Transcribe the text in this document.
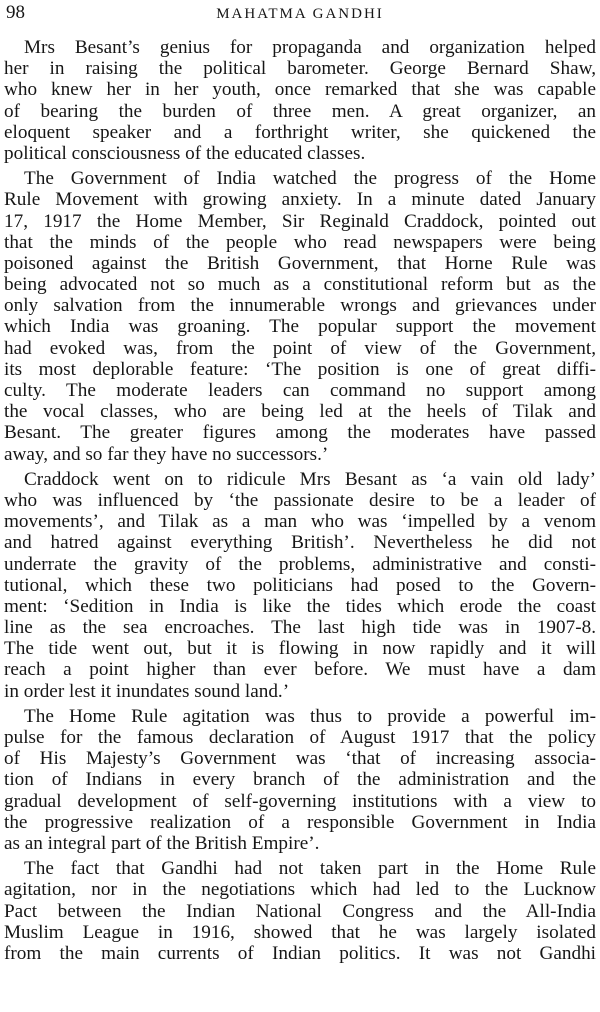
98	MAHATMA GANDHI
Mrs Besant’s genius for propaganda and organization helped
her in raising the political barometer. George Bernard Shaw,
who knew her in her youth, once remarked that she was capable
of bearing the burden of three men. A great organizer, an
eloquent speaker and a forthright writer, she quickened the
political consciousness of the educated classes.
The Government of India watched the progress of the Home
Rule Movement with growing anxiety. In a minute dated January
17, 1917 the Home Member, Sir Reginald Craddock, pointed out
that the minds of the people who read newspapers were being
poisoned against the British Government, that Horne Rule was
being advocated not so much as a constitutional reform but as the
only salvation from the innumerable wrongs and grievances under
which India was groaning. The popular support the movement
had evoked was, from the point of view of the Government,
its most deplorable feature: ‘The position is one of great diffi-
culty. The moderate leaders can command no support among
the vocal classes, who are being led at the heels of Tilak and
Besant. The greater figures among the moderates have passed
away, and so far they have no successors.’
Craddock went on to ridicule Mrs Besant as ‘a vain old lady’
who was influenced by ‘the passionate desire to be a leader of
movements’, and Tilak as a man who was ‘impelled by a venom
and hatred against everything British’. Nevertheless he did not
underrate the gravity of the problems, administrative and consti-
tutional, which these two politicians had posed to the Govern-
ment: ‘Sedition in India is like the tides which erode the coast
line as the sea encroaches. The last high tide was in 1907-8.
The tide went out, but it is flowing in now rapidly and it will
reach a point higher than ever before. We must have a dam
in order lest it inundates sound land.’
The Home Rule agitation was thus to provide a powerful im-
pulse for the famous declaration of August 1917 that the policy
of His Majesty’s Government was ‘that of increasing associa-
tion of Indians in every branch of the administration and the
gradual development of self-governing institutions with a view to
the progressive realization of a responsible Government in India
as an integral part of the British Empire’.
The fact that Gandhi had not taken part in the Home Rule
agitation, nor in the negotiations which had led to the Lucknow
Pact between the Indian National Congress and the All-India
Muslim League in 1916, showed that he was largely isolated
from the main currents of Indian politics. It was not Gandhi
